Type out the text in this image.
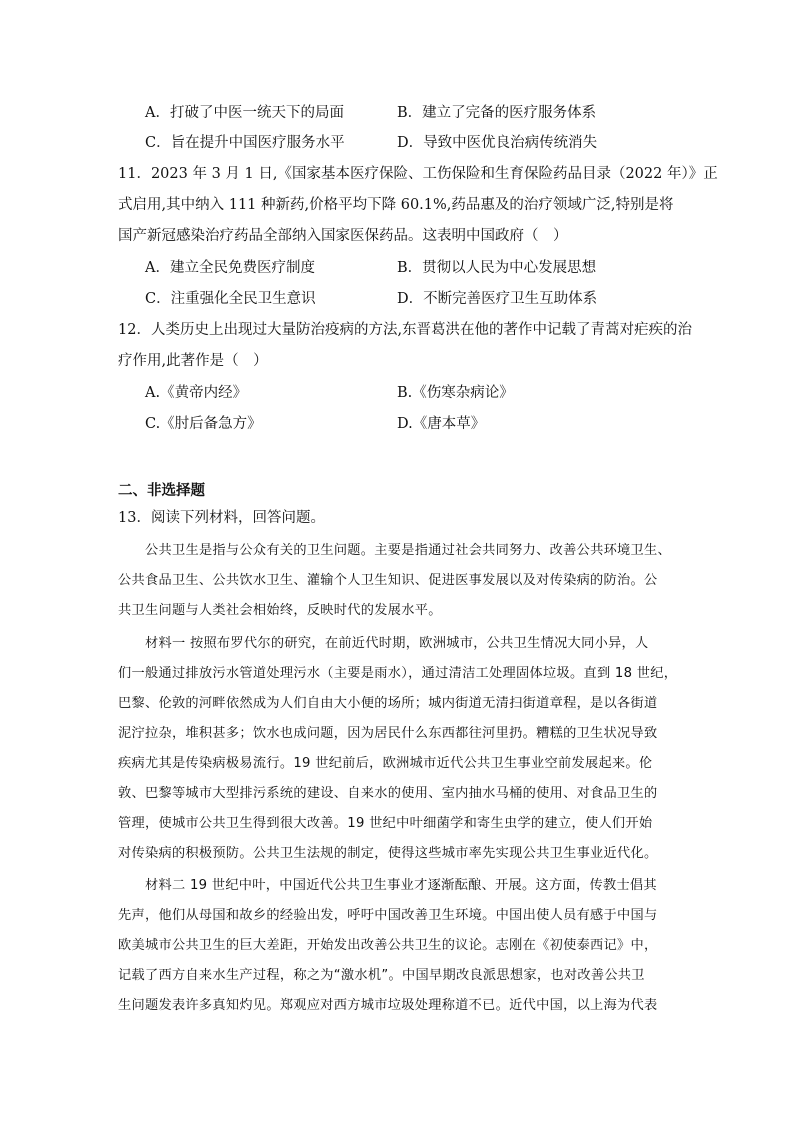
A．打破了中医一统天下的局面	B．建立了完备的医疗服务体系
C．旨在提升中国医疗服务水平	D．导致中医优良治病传统消失
11．2023 年 3 月 1 日,《国家基本医疗保险、工伤保险和生育保险药品目录（2022 年）》正
式启用,其中纳入 111 种新药,价格平均下降 60.1%,药品惠及的治疗领域广泛,特别是将
国产新冠感染治疗药品全部纳入国家医保药品。这表明中国政府（　）
A．建立全民免费医疗制度	B．贯彻以人民为中心发展思想
C．注重强化全民卫生意识	D．不断完善医疗卫生互助体系
12．人类历史上出现过大量防治疫病的方法,东晋葛洪在他的著作中记载了青蒿对疟疾的治
疗作用,此著作是（　）
A.《黄帝内经》	B.《伤寒杂病论》
C.《肘后备急方》	D.《唐本草》
二、非选择题
13．阅读下列材料，回答问题。
公共卫生是指与公众有关的卫生问题。主要是指通过社会共同努力、改善公共环境卫生、
公共食品卫生、公共饮水卫生、灌输个人卫生知识、促进医事发展以及对传染病的防治。公
共卫生问题与人类社会相始终，反映时代的发展水平。
材料一 按照布罗代尔的研究，在前近代时期，欧洲城市，公共卫生情况大同小异，人
们一般通过排放污水管道处理污水（主要是雨水），通过清洁工处理固体垃圾。直到 18 世纪，
巴黎、伦敦的河畔依然成为人们自由大小便的场所；城内街道无清扫街道章程，是以各街道
泥泞拉杂，堆积甚多；饮水也成问题，因为居民什么东西都往河里扔。糟糕的卫生状况导致
疾病尤其是传染病极易流行。19 世纪前后，欧洲城市近代公共卫生事业空前发展起来。伦
敦、巴黎等城市大型排污系统的建设、自来水的使用、室内抽水马桶的使用、对食品卫生的
管理，使城市公共卫生得到很大改善。19 世纪中叶细菌学和寄生虫学的建立，使人们开始
对传染病的积极预防。公共卫生法规的制定，使得这些城市率先实现公共卫生事业近代化。
材料二 19 世纪中叶，中国近代公共卫生事业才逐渐酝酿、开展。这方面，传教士倡其
先声，他们从母国和故乡的经验出发，呼吁中国改善卫生环境。中国出使人员有感于中国与
欧美城市公共卫生的巨大差距，开始发出改善公共卫生的议论。志刚在《初使泰西记》中，
记载了西方自来水生产过程，称之为“激水机”。中国早期改良派思想家，也对改善公共卫
生问题发表许多真知灼见。郑观应对西方城市垃圾处理称道不已。近代中国，以上海为代表
